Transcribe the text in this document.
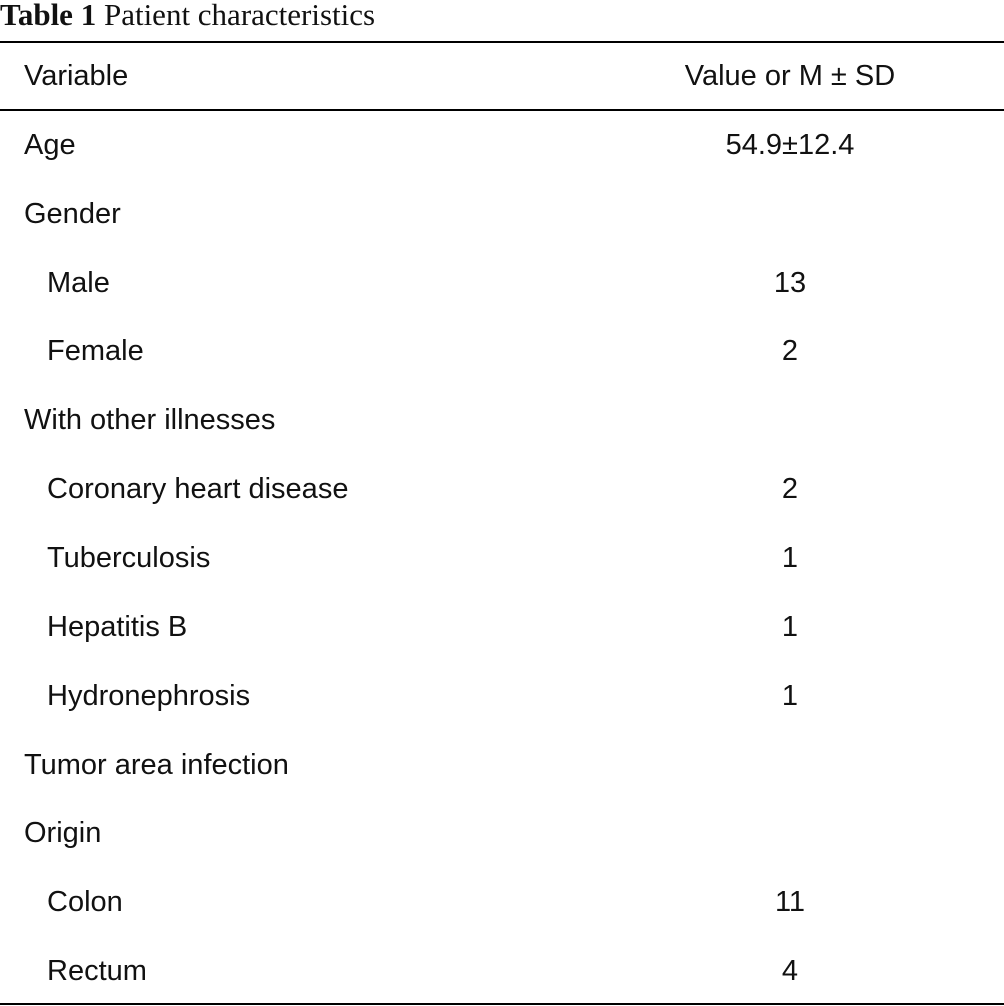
Table 1 Patient characteristics
Variable	Value or M ± SD
Age	54.9±12.4
Gender
Male	13
Female	2
With other illnesses
Coronary heart disease	2
Tuberculosis	1
Hepatitis B	1
Hydronephrosis	1
Tumor area infection
Origin
Colon	11
Rectum	4
